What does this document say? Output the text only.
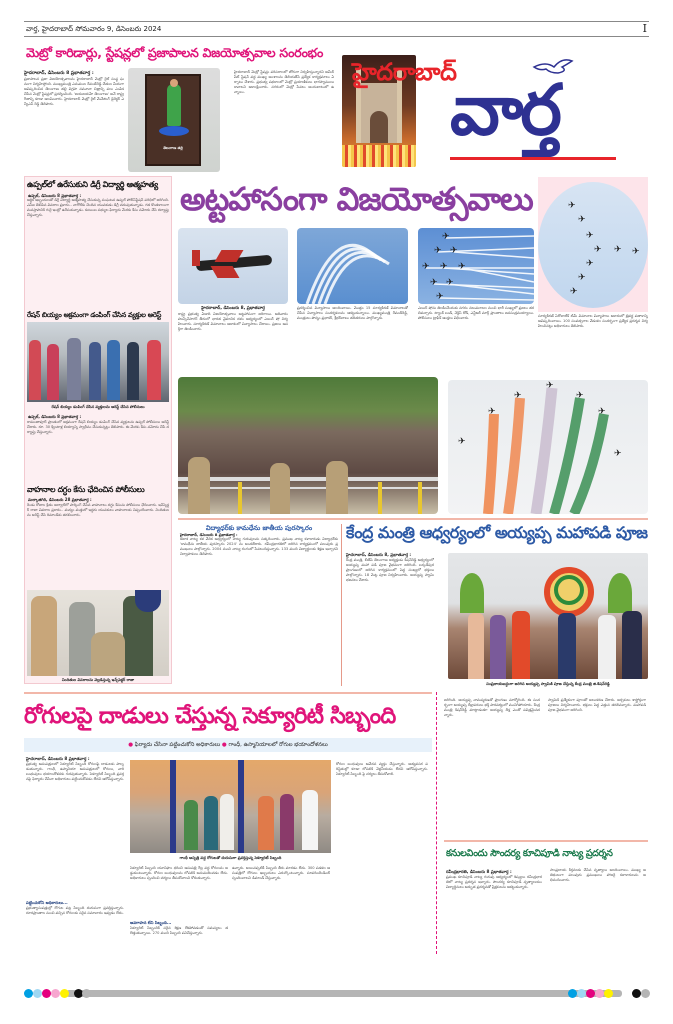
వార్త, హైదరాబాద్ సోమవారం 9, డిసెంబరు 2024	I
మెట్రో కారిడార్లు, స్టేషన్లలో ప్రజాపాలన విజయోత్సవాల సంరంభం
హైదరాబాద్, డిసెంబరు 8 ప్రభాతవార్త :
ప్రజాపాలన ప్రజా విజయోత్సవాలను హైదరాబాద్ మెట్రో రైల్ సంస్థ ఘనంగా నిర్వహిస్తోంది. ముఖ్యమంత్రి ఎనుముల రేవంత్‌రెడ్డి చేతుల మీదుగా ఆవిష్కరించిన తెలంగాణ తల్లి విగ్రహ నమూనా చిత్రాన్ని పలు ఎంపిక చేసిన మెట్రో స్టేషన్లలో ప్రదర్శించింది. 'జయజయహే తెలంగాణ' అనే రాష్ట్ర గీతాన్ని కూడా ఆలపించారు. హైదరాబాద్ మెట్రో రైల్ మేనేజింగ్ డైరెక్టర్ ఎన్వీఎస్ రెడ్డి తెలిపారు.
తెలంగాణ తల్లి
హైదరాబాద్ మెట్రో స్టేషన్లు పరిసరాలలో జోరుగా నిర్వహిస్తున్నారని అమీర్ పేట్ స్టేషన్ వద్ద ముఖ్య అంశాలను తెలియజేసే ప్రత్యేక కార్యక్రమాలు ఏర్పాటు చేశారు. ప్రభుత్వ పథకాలలో మెట్రో ప్రయాణికులు భాగస్వాములు కావాలని ఆకాంక్షించారు. నగరంలో మెట్రో సేవలు అందుబాటులో ఉన్నాయి.
హైదరాబాద్
వార్త
ఉప్పల్‌లో ఉరేసుకుని డిగ్రీ విద్యార్థి ఆత్మహత్య
ఉప్పల్, డిసెంబరు 8 ప్రభాతవార్త :
ఆర్థిక ఇబ్బందులతో డిగ్రీ విద్యార్థి ఆత్మహత్య చేసుకున్న సంఘటన ఉప్పల్ పోలీస్‌స్టేషన్ పరిధిలో జరిగింది. ఎస్ఐ తెలిపిన వివరాల ప్రకారం.. నాగోల్‌కు చెందిన యువకుడు డిగ్రీ చదువుతున్నాడు. గత కొంతకాలంగా మనస్తాపానికి గురై ఇంట్లో ఉరేసుకున్నాడు. కుటుంబ సభ్యుల ఫిర్యాదు మేరకు కేసు నమోదు చేసి దర్యాప్తు చేస్తున్నారు.
రేషన్ బియ్యం అక్రమంగా డంపింగ్ చేసిన వ్యక్తుల అరెస్ట్
రేషన్ బియ్యం డంపింగ్ చేసిన వ్యక్తులను అరెస్ట్ చేసిన పోలీసులు
ఉప్పల్, డిసెంబరు 8 ప్రభాతవార్త :
రామంతాపూర్ ప్రాంతంలో అక్రమంగా రేషన్ బియ్యం డంపింగ్ చేసిన వ్యక్తులను ఉప్పల్ పోలీసులు అరెస్ట్ చేశారు. రూ. 30 క్వింటాళ్ల బియ్యాన్ని స్వాధీనం చేసుకున్నట్లు తెలిపారు. ఈ మేరకు కేసు నమోదు చేసి దర్యాప్తు చేస్తున్నారు.
వాహనాల దగ్ధం కేసు ఛేదించిన పోలీసులు
మల్కాజిగిరి, డిసెంబరు 28 ప్రభాతవార్త :
రెండు రోజుల క్రితం అల్వాల్‌లో పార్కింగ్ చేసిన వాహనాలు దగ్ధం కేసును పోలీసులు ఛేదించారు. ఇన్‌స్పెక్టర్ రాజా వివరాల ప్రకారం.. మద్యం మత్తులో ఇద్దరు యువకులు వాహనాలకు నిప్పంటించారు. నిందితులను అరెస్ట్ చేసి రిమాండ్‌కు తరలించారు.
నిందితుల వివరాలను వెల్లడిస్తున్న ఇన్స్‌పెక్టర్ రాజా
అట్టహాసంగా విజయోత్సవాలు
✈
✈ ✈
✈ ✈ ✈
✈ ✈
✈
✈
✈
✈
✈ ✈ ✈
✈
✈
✈
హైదరాబాద్, డిసెంబరు 8, ప్రభాతవార్త
రాష్ట్ర ప్రభుత్వ ఏడాది విజయోత్సవాలు అట్టహాసంగా జరిగాయి. ఆదివారం హుస్సేన్‌సాగర్ తీరంలో భారత వైమానిక దళం ఆధ్వర్యంలో ఎయిర్ షో నిర్వహించారు. సూర్యకిరణ్ విమానాలు ఆకాశంలో విన్యాసాలు చేశాయి. ప్రజలు ఆసక్తిగా తిలకించారు.
ప్రదర్శించిన విన్యాసాలు అలరించాయి. మొత్తం 15 సూర్యకిరణ్ విమానాలతో చేసిన విన్యాసాలు సందర్శకులను ఆకట్టుకున్నాయి. ముఖ్యమంత్రి రేవంత్‌రెడ్డి, మంత్రులు పొన్నం ప్రభాకర్, శ్రీధర్‌బాబు తదితరులు పాల్గొన్నారు.
ఎయిర్ షోను తిలకించేందుకు నగరం నలుమూలల నుంచి భారీ సంఖ్యలో ప్రజలు తరలివచ్చారు. ట్యాంక్ బండ్, నెక్లెస్ రోడ్, ఎన్టీఆర్ మార్గ్ ప్రాంతాలు జనసంద్రమయ్యాయి. పోలీసులు ట్రాఫిక్ ఆంక్షలు విధించారు.
సూర్యకిరణ్ ఏరోబాటిక్ టీమ్ విమానాల విన్యాసాలు ఆకాశంలో త్రివర్ణ పతాకాన్ని ఆవిష్కరించాయి. 100 సంవత్సరాల వేడుకల సందర్భంగా ప్రత్యేక ప్రదర్శన నిర్వహించినట్లు అధికారులు తెలిపారు.
✈
✈
✈
✈
✈
✈
✈
విద్యాధర్‌కు కామధేను జాతీయ పురస్కారం
హైదరాబాద్, డిసెంబరు 8 ప్రభాతవార్త :
ఆకాశ నాట్య కళ వేదిక ఆధ్వర్యంలో నాట్య గురువులను సత్కరించారు. ప్రముఖ నాట్య కళాకారుడు విద్యాధర్‌కు 'కామధేను జాతీయ పురస్కారం 2024' ను అందజేశారు. రవీంద్రభారతిలో జరిగిన కార్యక్రమంలో పలువురు ప్రముఖులు పాల్గొన్నారు. 2004 నుంచి నాట్య రంగంలో సేవలందిస్తున్నారు. 133 మంది విద్యార్థులకు శిక్షణ ఇచ్చారని నిర్వాహకులు తెలిపారు.
కేంద్ర మంత్రి ఆధ్వర్యంలో అయ్యప్ప మహాపడి పూజ
హైదరాబాద్, డిసెంబరు 8, ప్రభాతవార్త :
కేంద్ర మంత్రి, బీజేపీ తెలంగాణ అధ్యక్షుడు కిషన్‌రెడ్డి ఆధ్వర్యంలో అయ్యప్ప మహా పడి పూజ వైభవంగా జరిగింది. బర్కత్‌పుర ప్రాంగణంలో జరిగిన కార్యక్రమంలో పెద్ద సంఖ్యలో భక్తులు పాల్గొన్నారు. 18 మెట్ల పూజ నిర్వహించారు. అయ్యప్ప స్వామి భజనలు చేశారు.
సంప్రదాయబద్ధంగా జరిగిన అయ్యప్ప స్వామికి పూజ చేస్తున్న కేంద్ర మంత్రి జి.కిషన్‌రెడ్డి
రోగులపై దాడులు చేస్తున్న సెక్యూరిటీ సిబ్బంది
● ఫిర్యాదు చేసినా పట్టించుకోని అధికారులు ● గాంధీ, ఉస్మానియాలలో రోగుల భయాందోళనలు
హైదరాబాద్, డిసెంబరు 8 ప్రభాతవార్త :
ప్రభుత్వ ఆసుపత్రులలో సెక్యూరిటీ సిబ్బంది రోగులపై దాడులకు పాల్పడుతున్నారు. గాంధీ, ఉస్మానియా ఆసుపత్రులలో రోగులు, వారి బంధువులు భయాందోళనకు గురవుతున్నారు. సెక్యూరిటీ సిబ్బంది ప్రవర్తనపై ఫిర్యాదు చేసినా అధికారులు పట్టించుకోవడం లేదని ఆరోపిస్తున్నారు.
పట్టించుకోని అధికారులు...
ప్రభుత్వాసుపత్రుల్లో రోగుల పట్ల సిబ్బంది దురుసుగా ప్రవర్తిస్తున్నారు. దూరప్రాంతాల నుంచి వచ్చిన రోగులకు సరైన సమాచారం ఇవ్వడం లేదు.
గాంధీ ఆస్పత్రి వద్ద రోగులతో దురుసుగా ప్రవర్తిస్తున్న సెక్యూరిటీ సిబ్బంది
సెక్యూరిటీ సిబ్బంది యూనిఫాం ధరించి ఆసుపత్రి గేట్ల వద్ద రోగులను అడ్డుకుంటున్నారు. రోగుల బంధువులను లోపలికి అనుమతించడం లేదు. అధికారులు స్పందించి చర్యలు తీసుకోవాలని కోరుతున్నారు.
అవగాహన లేని సిబ్బంది...
సెక్యూరిటీ సిబ్బందికి సరైన శిక్షణ లేకపోవడంతో సమస్యలు తలెత్తుతున్నాయి. 270 మంది సిబ్బంది పనిచేస్తున్నారు.
ఉన్నారు. అయినప్పటికీ సిబ్బంది తీరు మారడం లేదు. 300 పడకల ఆసుపత్రిలో రోగులు ఇబ్బందులు ఎదుర్కొంటున్నారు. సూపరింటెండెంట్ స్పందించాలని డిమాండ్ చేస్తున్నారు.
రోగుల బంధువులు ఆవేదన వ్యక్తం చేస్తున్నారు. అత్యవసర పరిస్థితుల్లో కూడా లోపలికి వెళ్లనీయడం లేదని ఆరోపిస్తున్నారు. సెక్యూరిటీ సిబ్బంది పై చర్యలు తీసుకోవాలి.
జరిగింది. అయ్యప్ప నామస్మరణతో ప్రాంగణం మార్మోగింది. ఈ సందర్భంగా అయ్యప్ప దీక్షాపరులు భక్తి పారవశ్యంలో మునిగిపోయారు. కేంద్ర మంత్రి కిషన్‌రెడ్డి మాట్లాడుతూ అయ్యప్ప దీక్ష ఎంతో పవిత్రమైనదన్నారు.
స్వామికి ప్రత్యేకంగా పూలతో అలంకరణ చేశారు. అర్చకులు శాస్త్రోక్తంగా పూజలు నిర్వహించారు. భక్తులు పెద్ద ఎత్తున తరలివచ్చారు. మహాపడి పూజ వైభవంగా జరిగింది.
కనులవిందు సౌందర్య కూచిపూడి నాట్య ప్రదర్శన
రవీంద్రభారతి, డిసెంబరు 8 ప్రభాతవార్త :
ప్రముఖ కూచిపూడి నాట్య గురువు ఆధ్వర్యంలో శిష్యులు రవీంద్రభారతిలో నాట్య ప్రదర్శన ఇచ్చారు. సౌందర్య కూచిపూడి నృత్యాలయం విద్యార్థినులు అద్భుత ప్రదర్శనతో ప్రేక్షకులను ఆకట్టుకున్నారు.
సాంప్రదాయ కీర్తనలకు చేసిన నృత్యాలు అలరించాయి. ముఖ్య అతిథులుగా పలువురు ప్రముఖులు హాజరై కళాకారులను అభినందించారు.
